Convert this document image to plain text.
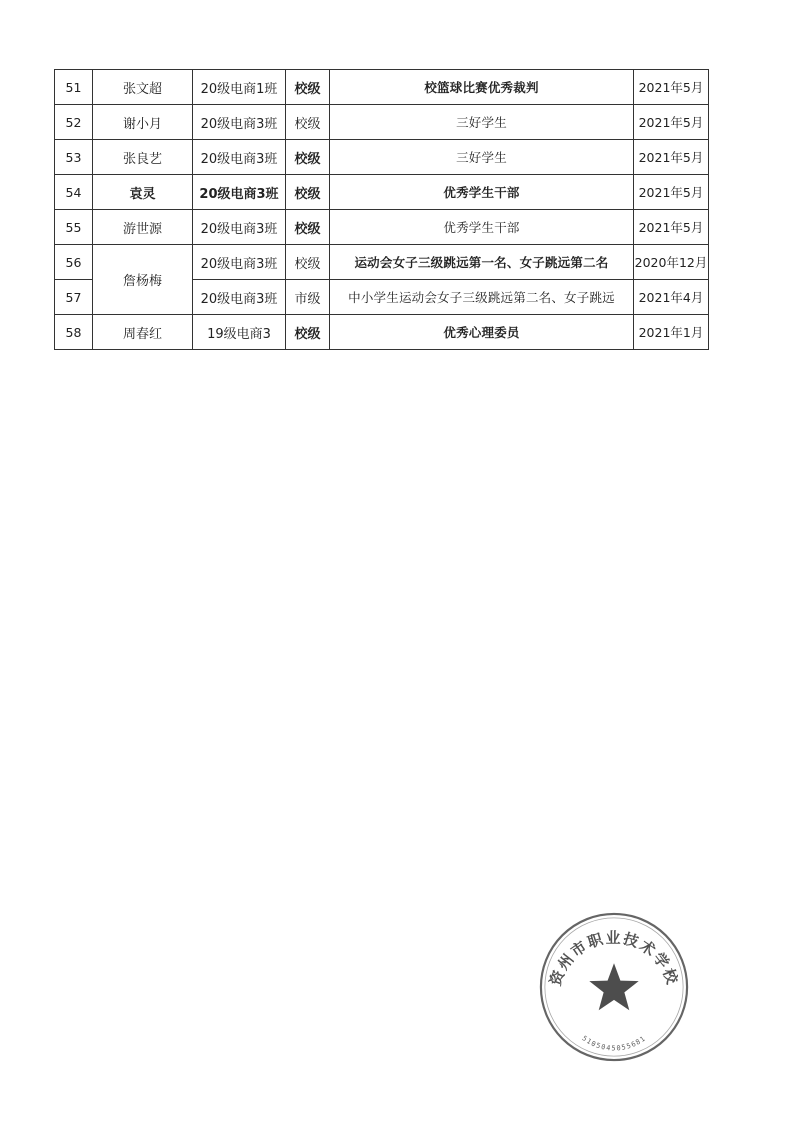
51	张文超	20级电商1班	校级	校篮球比赛优秀裁判	2021年5月
52	谢小月	20级电商3班	校级	三好学生	2021年5月
53	张良艺	20级电商3班	校级	三好学生	2021年5月
54	袁灵	20级电商3班	校级	优秀学生干部	2021年5月
55	游世源	20级电商3班	校级	优秀学生干部	2021年5月
56	詹杨梅	20级电商3班	校级	运动会女子三级跳远第一名、女子跳远第二名	2020年12月
57		20级电商3班	市级	中小学生运动会女子三级跳远第二名、女子跳远	2021年4月
58	周春红	19级电商3	校级	优秀心理委员	2021年1月
资州市职业技术学校
5105045055681
